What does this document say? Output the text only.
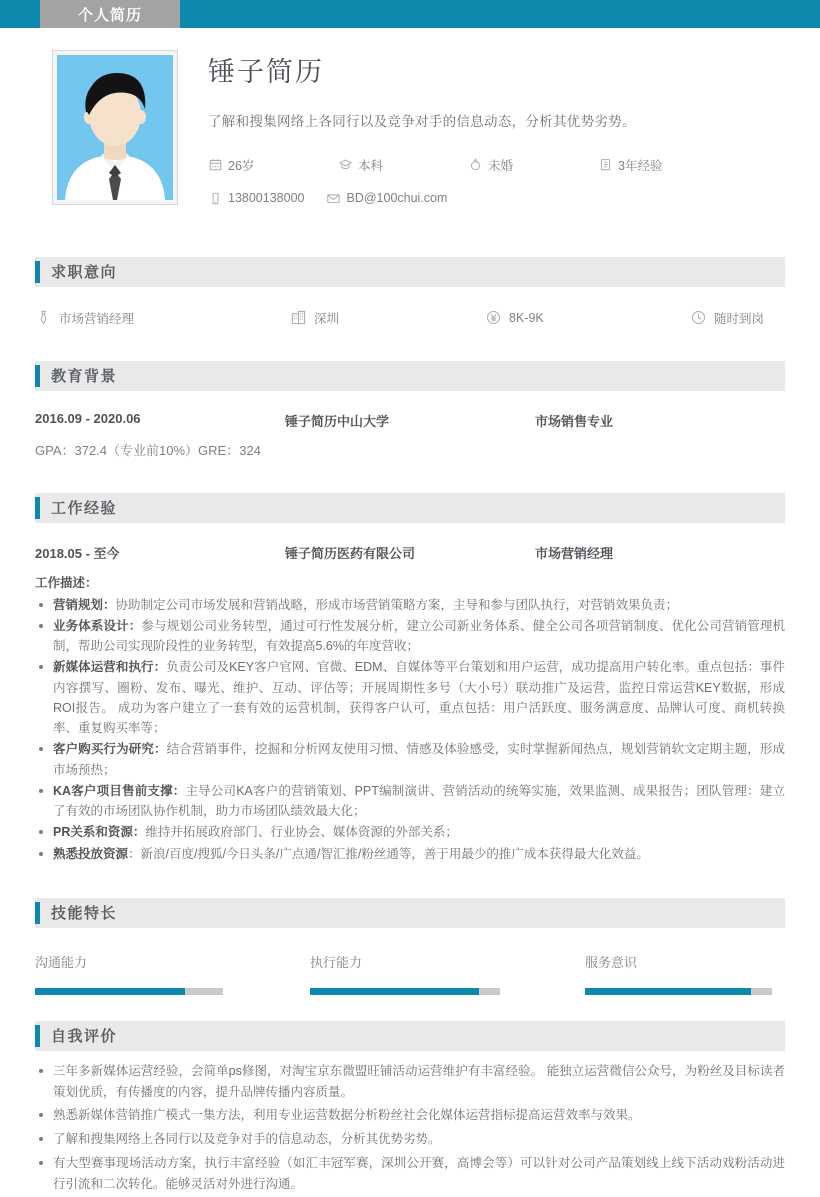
个人简历
锤子简历
了解和搜集网络上各同行以及竞争对手的信息动态，分析其优势劣势。
26岁	本科	未婚	3年经验
13800138000	BD@100chui.com
求职意向
市场营销经理	深圳	8K-9K	随时到岗
教育背景
2016.09 - 2020.06	锤子简历中山大学	市场销售专业
GPA：372.4（专业前10%）GRE：324
工作经验
2018.05 - 至今	锤子简历医药有限公司	市场营销经理
工作描述：
营销规划：协助制定公司市场发展和营销战略，形成市场营销策略方案，主导和参与团队执行，对营销效果负责；
业务体系设计：参与规划公司业务转型，通过可行性发展分析，建立公司新业务体系、健全公司各项营销制度、优化公司营销管理机制，帮助公司实现阶段性的业务转型，有效提高5.6%的年度营收；
新媒体运营和执行：负责公司及KEY客户官网、官微、EDM、自媒体等平台策划和用户运营，成功提高用户转化率。重点包括：事件内容撰写、圈粉、发布、曝光、维护、互动、评估等；开展周期性多号（大小号）联动推广及运营，监控日常运营KEY数据，形成ROI报告。 成功为客户建立了一套有效的运营机制，获得客户认可，重点包括：用户活跃度、服务满意度、品牌认可度、商机转换率、重复购买率等；
客户购买行为研究：结合营销事件，挖掘和分析网友使用习惯、情感及体验感受，实时掌握新闻热点，规划营销软文定期主题，形成市场预热；
KA客户项目售前支撑：主导公司KA客户的营销策划、PPT编制演讲、营销活动的统筹实施，效果监测、成果报告；团队管理：建立了有效的市场团队协作机制，助力市场团队绩效最大化；
PR关系和资源：维持并拓展政府部门、行业协会、媒体资源的外部关系；
熟悉投放资源：新浪/百度/搜狐/今日头条/广点通/智汇推/粉丝通等，善于用最少的推广成本获得最大化效益。
技能特长
沟通能力	执行能力	服务意识
自我评价
三年多新媒体运营经验，会简单ps修图，对淘宝京东微盟旺铺活动运营维护有丰富经验。 能独立运营微信公众号，为粉丝及目标读者策划优质，有传播度的内容，提升品牌传播内容质量。
熟悉新媒体营销推广模式一集方法，利用专业运营数据分析粉丝社会化媒体运营指标提高运营效率与效果。
了解和搜集网络上各同行以及竞争对手的信息动态，分析其优势劣势。
有大型赛事现场活动方案，执行丰富经验（如汇丰冠军赛，深圳公开赛，高博会等）可以针对公司产品策划线上线下活动戏粉活动进行引流和二次转化。能够灵活对外进行沟通。
